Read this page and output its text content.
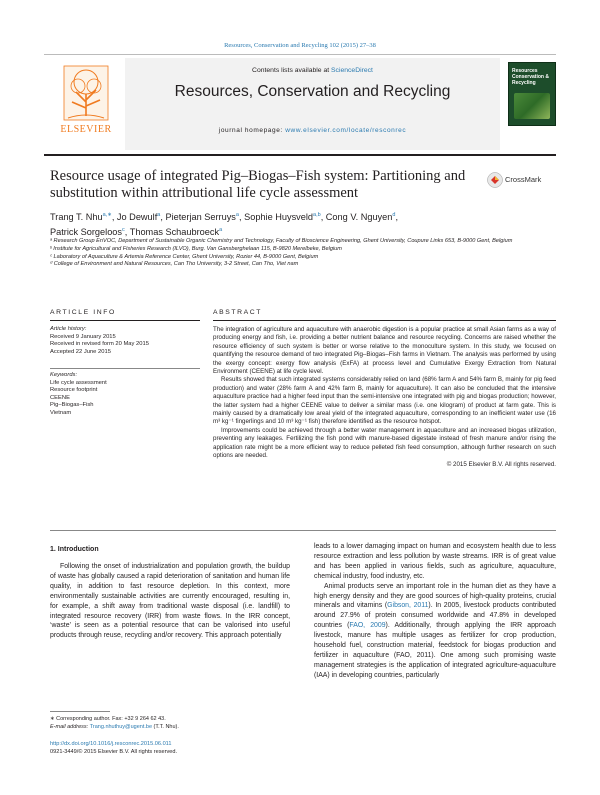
Resources, Conservation and Recycling 102 (2015) 27–38
Contents lists available at ScienceDirect
Resources, Conservation and Recycling
journal homepage: www.elsevier.com/locate/resconrec
ELSEVIER
Resources Conservation & Recycling
Resource usage of integrated Pig–Biogas–Fish system: Partitioning and substitution within attributional life cycle assessment
CrossMark
Trang T. Nhu$^{a,∗}$, Jo Dewulf$^a$, Pieterjan Serruys$^a$, Sophie Huysveld$^{a,b}$, Cong V. Nguyen$^d$,
Patrick Sorgeloos$^c$, Thomas Schaubroeck$^a$
ᵃ Research Group EnVOC, Department of Sustainable Organic Chemistry and Technology, Faculty of Bioscience Engineering, Ghent University, Coupure Links 653, B-9000 Gent, Belgium
ᵇ Institute for Agricultural and Fisheries Research (ILVO), Burg. Van Gansberghelaan 115, B-9820 Merelbeke, Belgium
ᶜ Laboratory of Aquaculture & Artemia Reference Center, Ghent University, Rozier 44, B-9000 Gent, Belgium
ᵈ College of Environment and Natural Resources, Can Tho University, 3-2 Street, Can Tho, Viet nam
ARTICLE INFO
Article history:
Received 9 January 2015
Received in revised form 20 May 2015
Accepted 22 June 2015
Keywords:
Life cycle assessment
Resource footprint
CEENE
Pig–Biogas–Fish
Vietnam
ABSTRACT

The integration of agriculture and aquaculture with anaerobic digestion is a popular practice at small Asian farms as a way of producing energy and fish, i.e. providing a better nutrient balance and resource recycling. Concerns are raised whether the resource efficiency of such system is better or worse relative to the monoculture system. In this study, we focused on quantifying the resource demand of two integrated Pig–Biogas–Fish farms in Vietnam. The analysis was performed by using the exergy concept: exergy flow analysis (ExFA) at process level and Cumulative Exergy Extraction from Natural Environment (CEENE) at life cycle level.

Results showed that such integrated systems considerably relied on land (68% farm A and 54% farm B, mainly for pig feed production) and water (28% farm A and 42% farm B, mainly for aquaculture). It can also be concluded that the intensive aquaculture practice had a higher feed input than the semi-intensive one integrated with pig and biogas production; however, the latter system had a higher CEENE value to deliver a similar mass (i.e. one kilogram) of product at farm gate. This is mainly caused by a dramatically low areal yield of the integrated aquaculture, corresponding to an inefficient water use (16 m³ kg⁻¹ fingerlings and 10 m³ kg⁻¹ fish) therefore identified as the resource hotspot.

Improvements could be achieved through a better water management in aquaculture and an increased biogas utilization, preventing any leakages. Fertilizing the fish pond with manure-based digestate instead of fresh manure and/or rising the application rate might be a more efficient way to reduce pelleted fish feed consumption, although further research on such options are needed.

© 2015 Elsevier B.V. All rights reserved.

1. Introduction

Following the onset of industrialization and population growth, the buildup of waste has globally caused a rapid deterioration of sanitation and human life quality, in addition to fast resource depletion. In this context, more environmentally sustainable activities are currently encouraged, resulting in, for example, a shift away from traditional waste disposal (i.e. landfill) to integrated resource recovery (IRR) from waste flows. In the IRR concept, ‘waste’ is seen as a potential resource that can be valorised into useful products through reuse, recycling and/or recovery. This approach potentially

leads to a lower damaging impact on human and ecosystem health due to less resource extraction and less pollution by waste streams. IRR is of great value and has been applied in various fields, such as agriculture, aquaculture, chemical industry, food industry, etc.

Animal products serve an important role in the human diet as they have a high energy density and they are good sources of high-quality proteins, crucial minerals and vitamins (Gibson, 2011). In 2005, livestock products contributed around 27.9% of protein consumed worldwide and 47.8% in developed countries (FAO, 2009). Additionally, through applying the IRR approach livestock, manure has multiple usages as fertilizer for crop production, household fuel, construction material, feedstock for biogas production and fertilizer in aquaculture (FAO, 2011). One among such promising waste management strategies is the application of integrated agriculture-aquaculture (IAA) in developing countries, particularly

∗ Corresponding author. Fax: +32 9 264 62 43.
E-mail address: Trang.nhuthuy@ugent.be (T.T. Nhu).
http://dx.doi.org/10.1016/j.resconrec.2015.06.011
0921-3449/© 2015 Elsevier B.V. All rights reserved.
